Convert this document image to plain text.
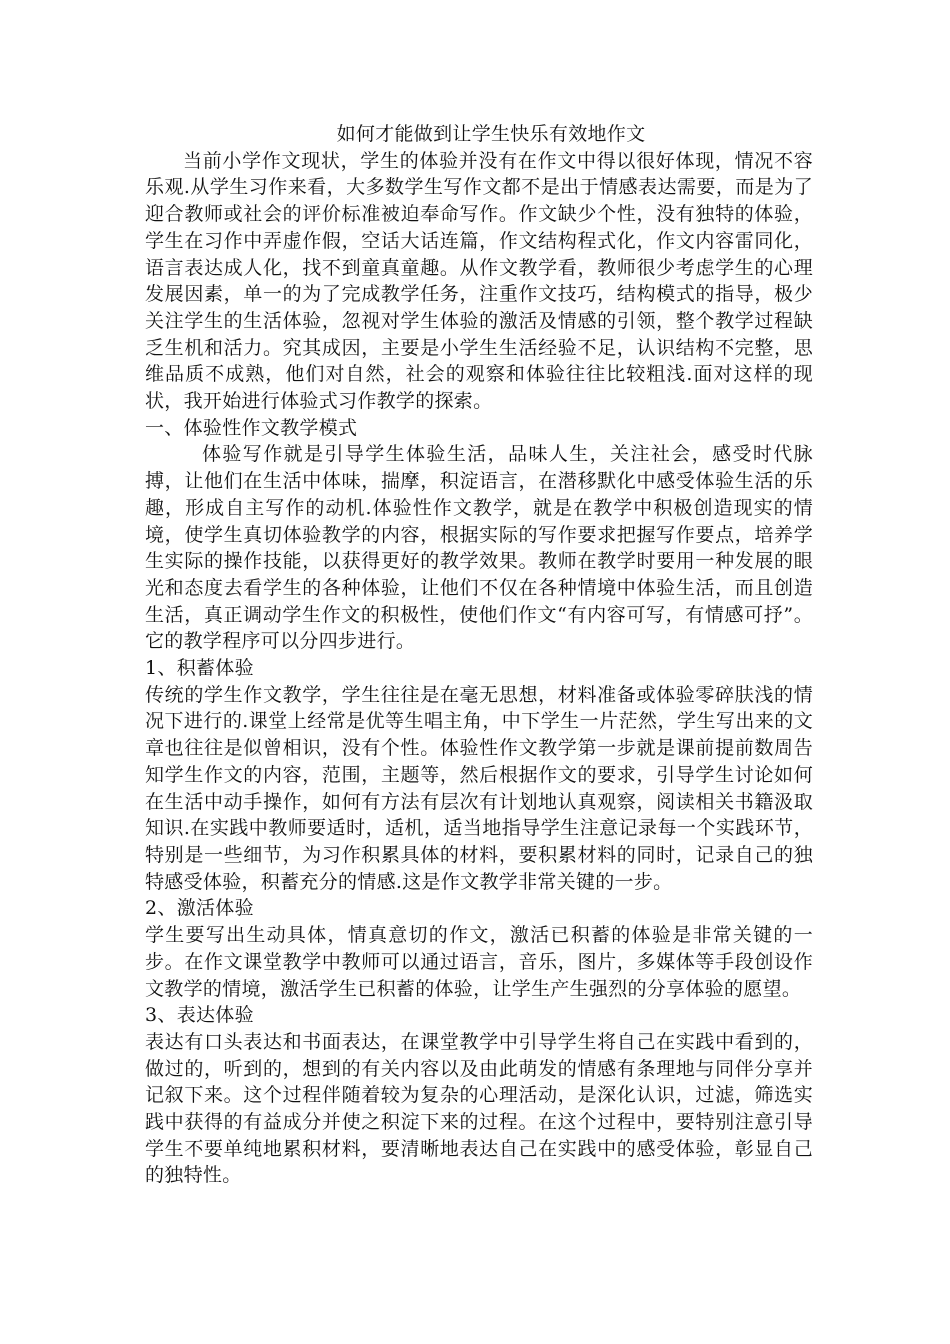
如何才能做到让学生快乐有效地作文

当前小学作文现状，学生的体验并没有在作文中得以很好体现，情况不容乐观.从学生习作来看，大多数学生写作文都不是出于情感表达需要，而是为了迎合教师或社会的评价标准被迫奉命写作。作文缺少个性，没有独特的体验，学生在习作中弄虚作假，空话大话连篇，作文结构程式化，作文内容雷同化，语言表达成人化，找不到童真童趣。从作文教学看，教师很少考虑学生的心理发展因素，单一的为了完成教学任务，注重作文技巧，结构模式的指导，极少关注学生的生活体验，忽视对学生体验的激活及情感的引领，整个教学过程缺乏生机和活力。究其成因，主要是小学生生活经验不足，认识结构不完整，思维品质不成熟，他们对自然，社会的观察和体验往往比较粗浅.面对这样的现状，我开始进行体验式习作教学的探索。

一、体验性作文教学模式

体验写作就是引导学生体验生活，品味人生，关注社会，感受时代脉搏，让他们在生活中体味，揣摩，积淀语言，在潜移默化中感受体验生活的乐趣，形成自主写作的动机.体验性作文教学，就是在教学中积极创造现实的情境，使学生真切体验教学的内容，根据实际的写作要求把握写作要点，培养学生实际的操作技能，以获得更好的教学效果。教师在教学时要用一种发展的眼光和态度去看学生的各种体验，让他们不仅在各种情境中体验生活，而且创造生活，真正调动学生作文的积极性，使他们作文“有内容可写，有情感可抒”。它的教学程序可以分四步进行。

1、积蓄体验

传统的学生作文教学，学生往往是在毫无思想，材料准备或体验零碎肤浅的情况下进行的.课堂上经常是优等生唱主角，中下学生一片茫然，学生写出来的文章也往往是似曾相识，没有个性。体验性作文教学第一步就是课前提前数周告知学生作文的内容，范围，主题等，然后根据作文的要求，引导学生讨论如何在生活中动手操作，如何有方法有层次有计划地认真观察，阅读相关书籍汲取知识.在实践中教师要适时，适机，适当地指导学生注意记录每一个实践环节，特别是一些细节，为习作积累具体的材料，要积累材料的同时，记录自己的独特感受体验，积蓄充分的情感.这是作文教学非常关键的一步。

2、激活体验

学生要写出生动具体，情真意切的作文，激活已积蓄的体验是非常关键的一步。在作文课堂教学中教师可以通过语言，音乐，图片，多媒体等手段创设作文教学的情境，激活学生已积蓄的体验，让学生产生强烈的分享体验的愿望。

3、表达体验

表达有口头表达和书面表达，在课堂教学中引导学生将自己在实践中看到的，做过的，听到的，想到的有关内容以及由此萌发的情感有条理地与同伴分享并记叙下来。这个过程伴随着较为复杂的心理活动，是深化认识，过滤，筛选实践中获得的有益成分并使之积淀下来的过程。在这个过程中，要特别注意引导学生不要单纯地累积材料，要清晰地表达自己在实践中的感受体验，彰显自己的独特性。
